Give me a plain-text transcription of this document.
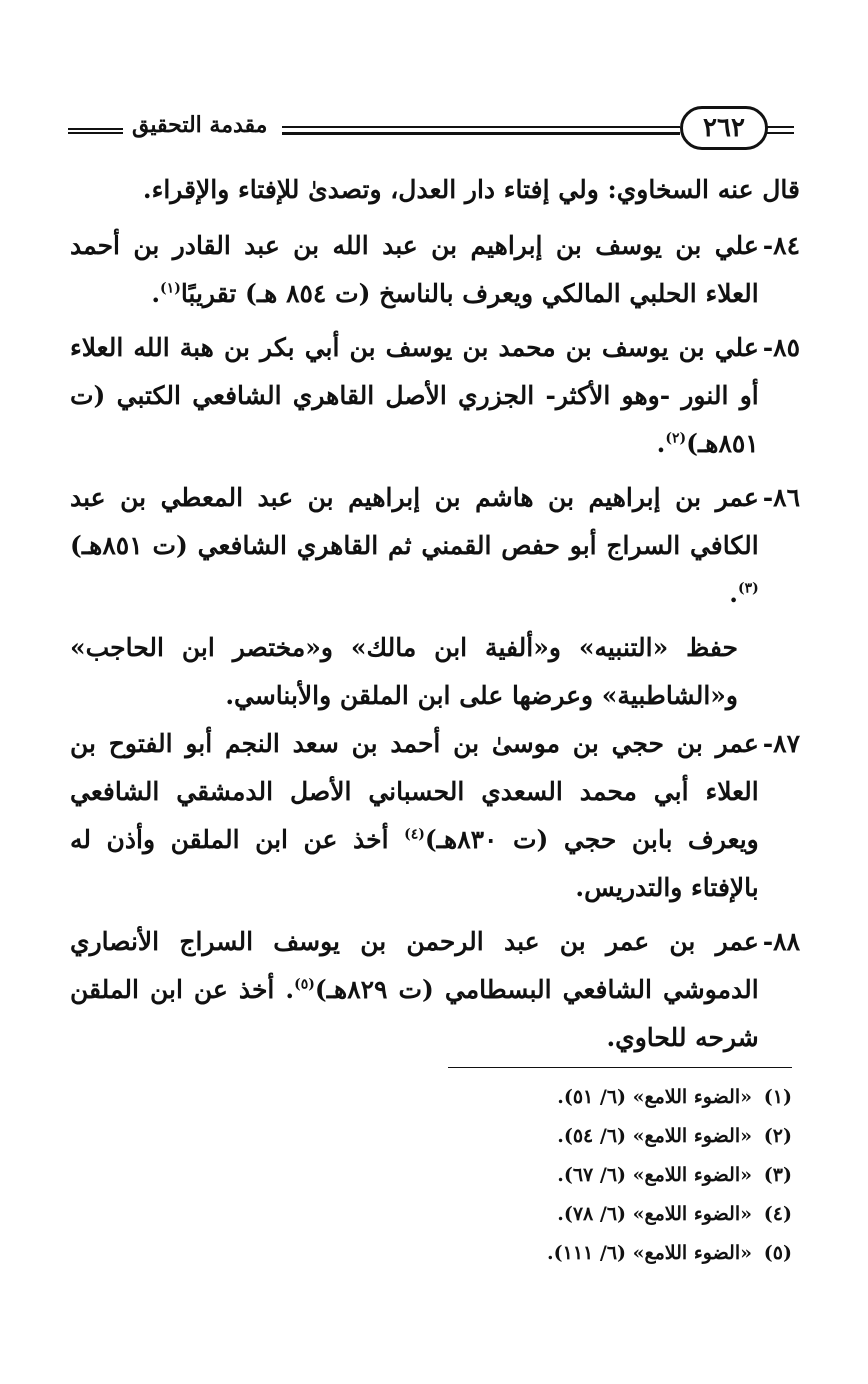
مقدمة التحقيق	٢٦٢

قال عنه السخاوي: ولي إفتاء دار العدل، وتصدىٰ للإفتاء والإقراء.

٨٤-

علي بن يوسف بن إبراهيم بن عبد الله بن عبد القادر بن أحمد العلاء الحلبي المالكي ويعرف بالناسخ (ت ٨٥٤ هـ) تقريبًا$^{(١)}$.

٨٥-

علي بن يوسف بن محمد بن يوسف بن أبي بكر بن هبة الله العلاء أو النور -وهو الأكثر- الجزري الأصل القاهري الشافعي الكتبي (ت ٨٥١هـ)$^{(٢)}$.

٨٦-

عمر بن إبراهيم بن هاشم بن إبراهيم بن عبد المعطي بن عبد الكافي السراج أبو حفص القمني ثم القاهري الشافعي (ت ٨٥١هـ)$^{(٣)}$.

حفظ «التنبيه» و«ألفية ابن مالك» و«مختصر ابن الحاجب» و«الشاطبية» وعرضها على ابن الملقن والأبناسي.

٨٧-

عمر بن حجي بن موسىٰ بن أحمد بن سعد النجم أبو الفتوح بن العلاء أبي محمد السعدي الحسباني الأصل الدمشقي الشافعي ويعرف بابن حجي (ت ٨٣٠هـ)$^{(٤)}$ أخذ عن ابن الملقن وأذن له بالإفتاء والتدريس.

٨٨-

عمر بن عمر بن عبد الرحمن بن يوسف السراج الأنصاري الدموشي الشافعي البسطامي (ت ٨٢٩هـ)$^{(٥)}$. أخذ عن ابن الملقن شرحه للحاوي.

(١)«الضوء اللامع» (٦/ ٥١).
(٢)«الضوء اللامع» (٦/ ٥٤).
(٣)«الضوء اللامع» (٦/ ٦٧).
(٤)«الضوء اللامع» (٦/ ٧٨).
(٥)«الضوء اللامع» (٦/ ١١١).
